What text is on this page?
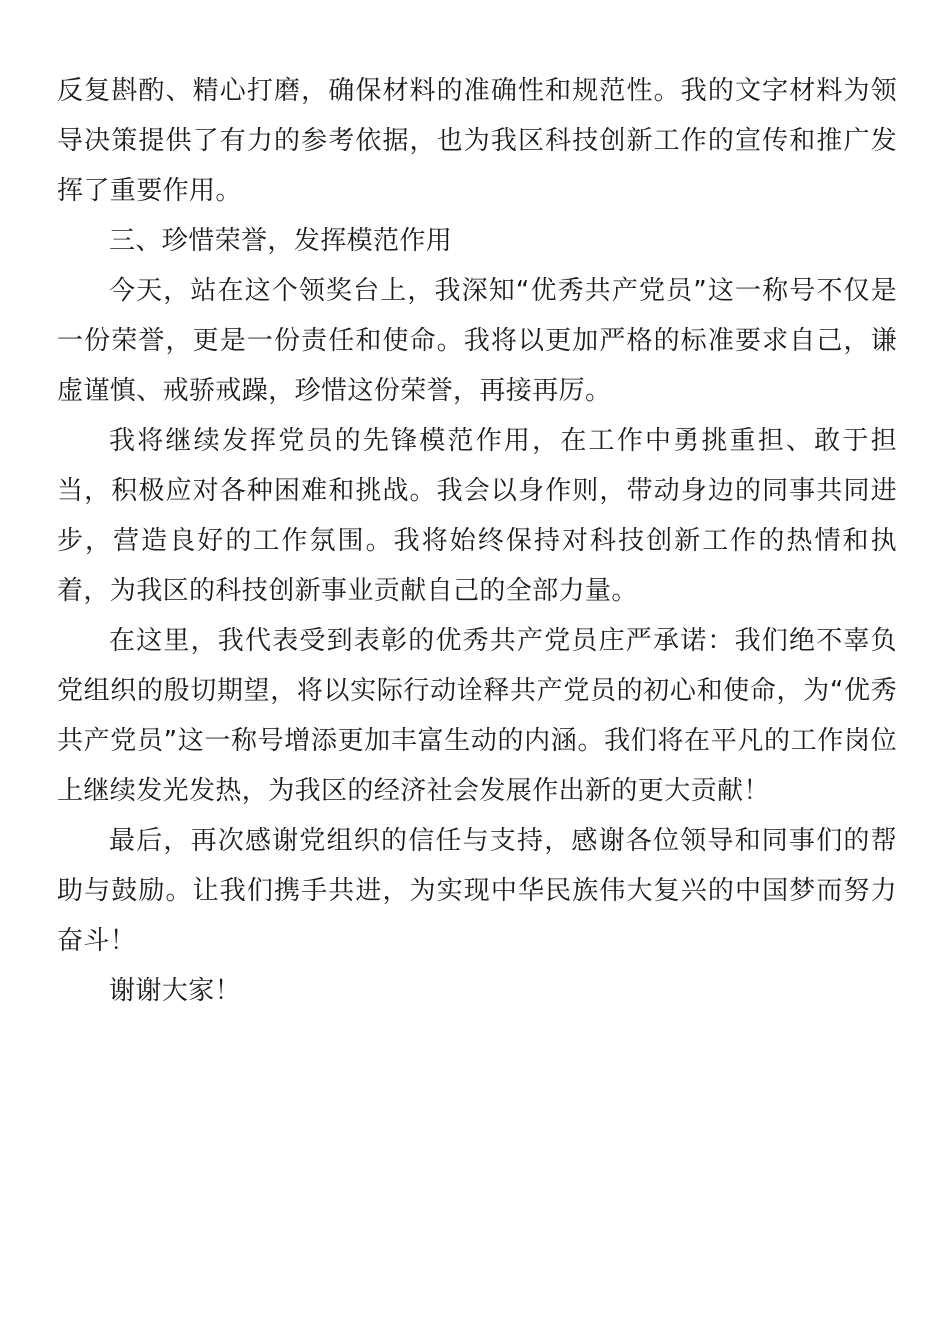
反复斟酌、精心打磨，确保材料的准确性和规范性。我的文字材料为领导决策提供了有力的参考依据，也为我区科技创新工作的宣传和推广发挥了重要作用。

三、珍惜荣誉，发挥模范作用

今天，站在这个领奖台上，我深知“优秀共产党员”这一称号不仅是一份荣誉，更是一份责任和使命。我将以更加严格的标准要求自己，谦虚谨慎、戒骄戒躁，珍惜这份荣誉，再接再厉。

我将继续发挥党员的先锋模范作用，在工作中勇挑重担、敢于担当，积极应对各种困难和挑战。我会以身作则，带动身边的同事共同进步，营造良好的工作氛围。我将始终保持对科技创新工作的热情和执着，为我区的科技创新事业贡献自己的全部力量。

在这里，我代表受到表彰的优秀共产党员庄严承诺：我们绝不辜负党组织的殷切期望，将以实际行动诠释共产党员的初心和使命，为“优秀共产党员”这一称号增添更加丰富生动的内涵。我们将在平凡的工作岗位上继续发光发热，为我区的经济社会发展作出新的更大贡献！

最后，再次感谢党组织的信任与支持，感谢各位领导和同事们的帮助与鼓励。让我们携手共进，为实现中华民族伟大复兴的中国梦而努力奋斗！

谢谢大家！
